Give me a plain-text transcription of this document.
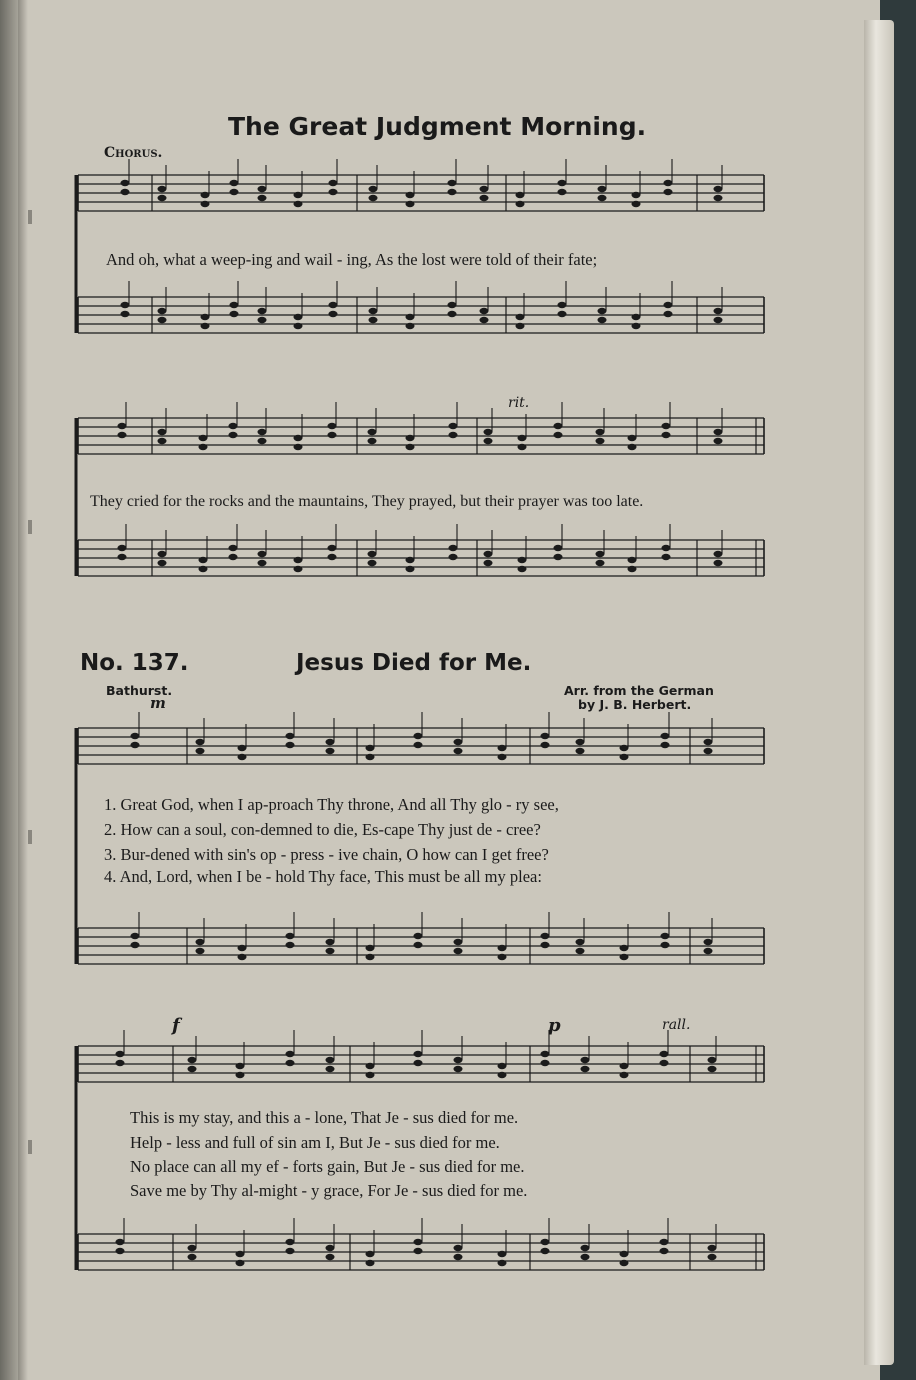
The Great Judgment Morning.
Chorus.
And oh, what a weep-ing and wail - ing, As the lost were told of their fate;
rit.
They cried for the rocks and the mauntains, They prayed, but their prayer was too late.
No. 137.	Jesus Died for Me.
Bathurst.	Arr. from the German
by J. B. Herbert.
m
1. Great God, when I ap-proach Thy throne, And all Thy glo - ry see,
2. How can a soul, con-demned to die, Es-cape Thy just de - cree?
3. Bur-dened with sin's op - press - ive chain, O how can I get free?
4. And, Lord, when I be - hold Thy face, This must be all my plea:
f	p	rall.
This is my stay, and this a - lone, That Je - sus died for me.
Help - less and full of sin am I, But Je - sus died for me.
No place can all my ef - forts gain, But Je - sus died for me.
Save me by Thy al-might - y grace, For Je - sus died for me.
